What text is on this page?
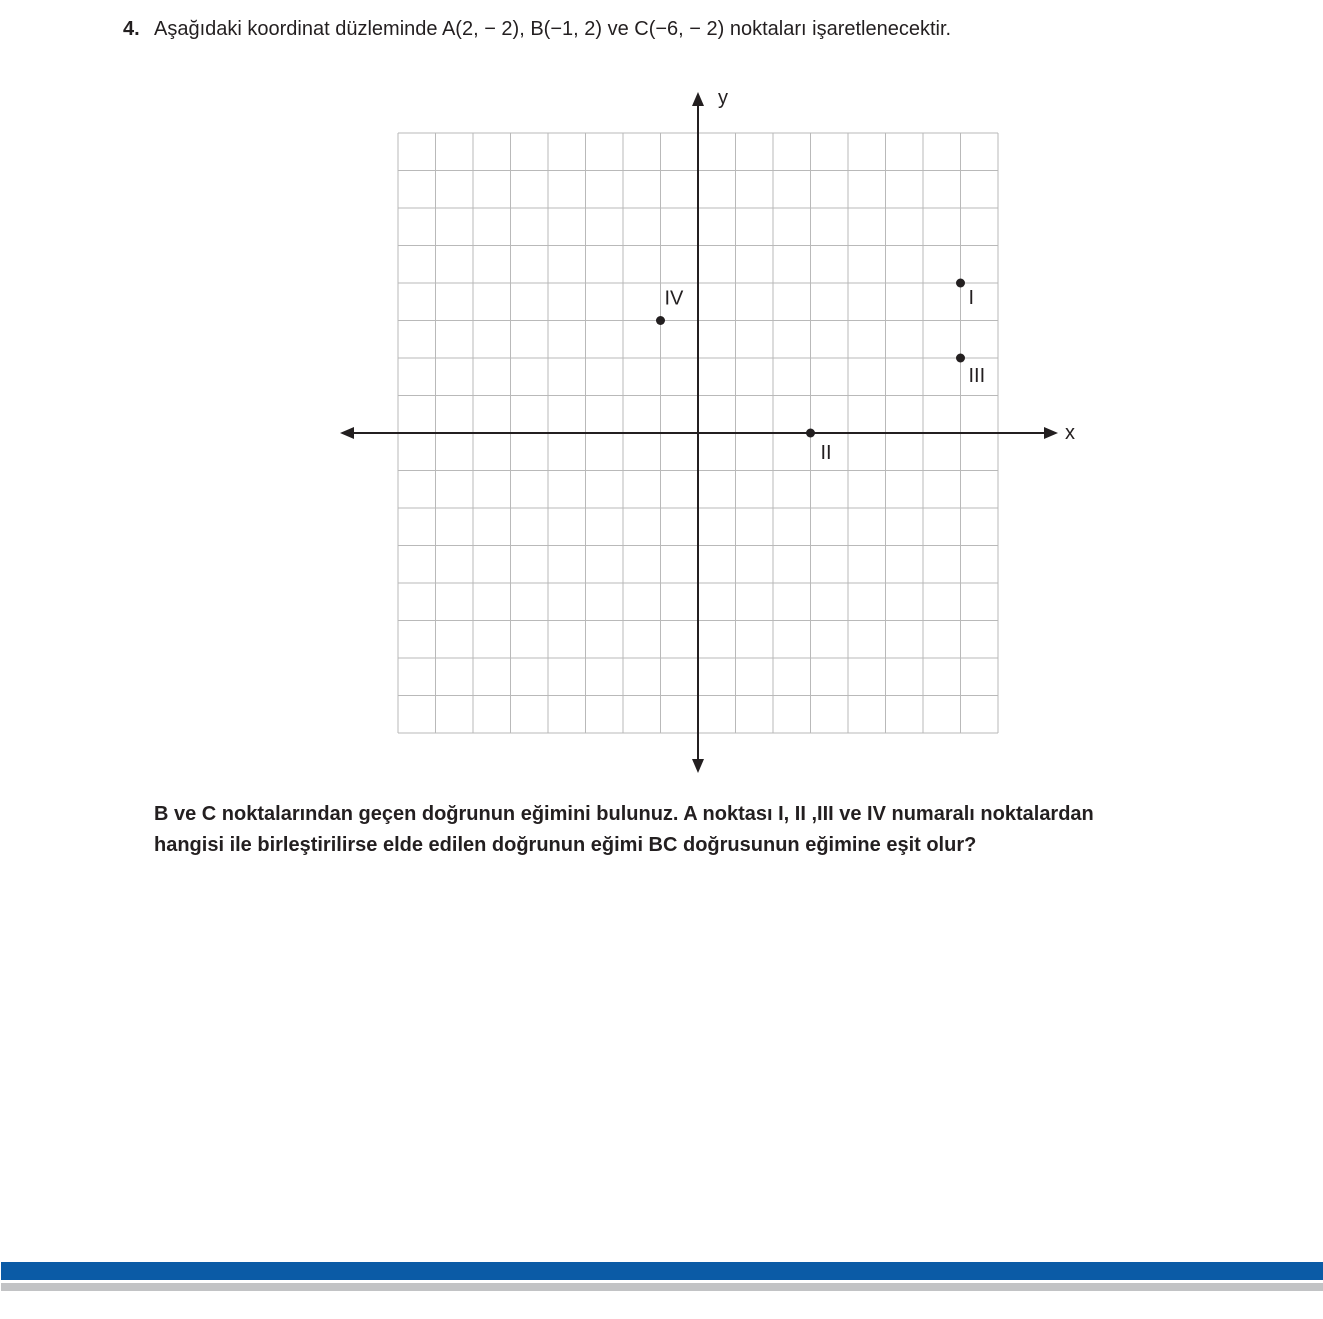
4. Aşağıdaki koordinat düzleminde A(2, − 2), B(−1, 2) ve C(−6, − 2) noktaları işaretlenecektir.
x
y
I
II
III
IV

B ve C noktalarından geçen doğrunun eğimini bulunuz. A noktası I, II ,III ve IV numaralı noktalardan

hangisi ile birleştirilirse elde edilen doğrunun eğimi BC doğrusunun eğimine eşit olur?
